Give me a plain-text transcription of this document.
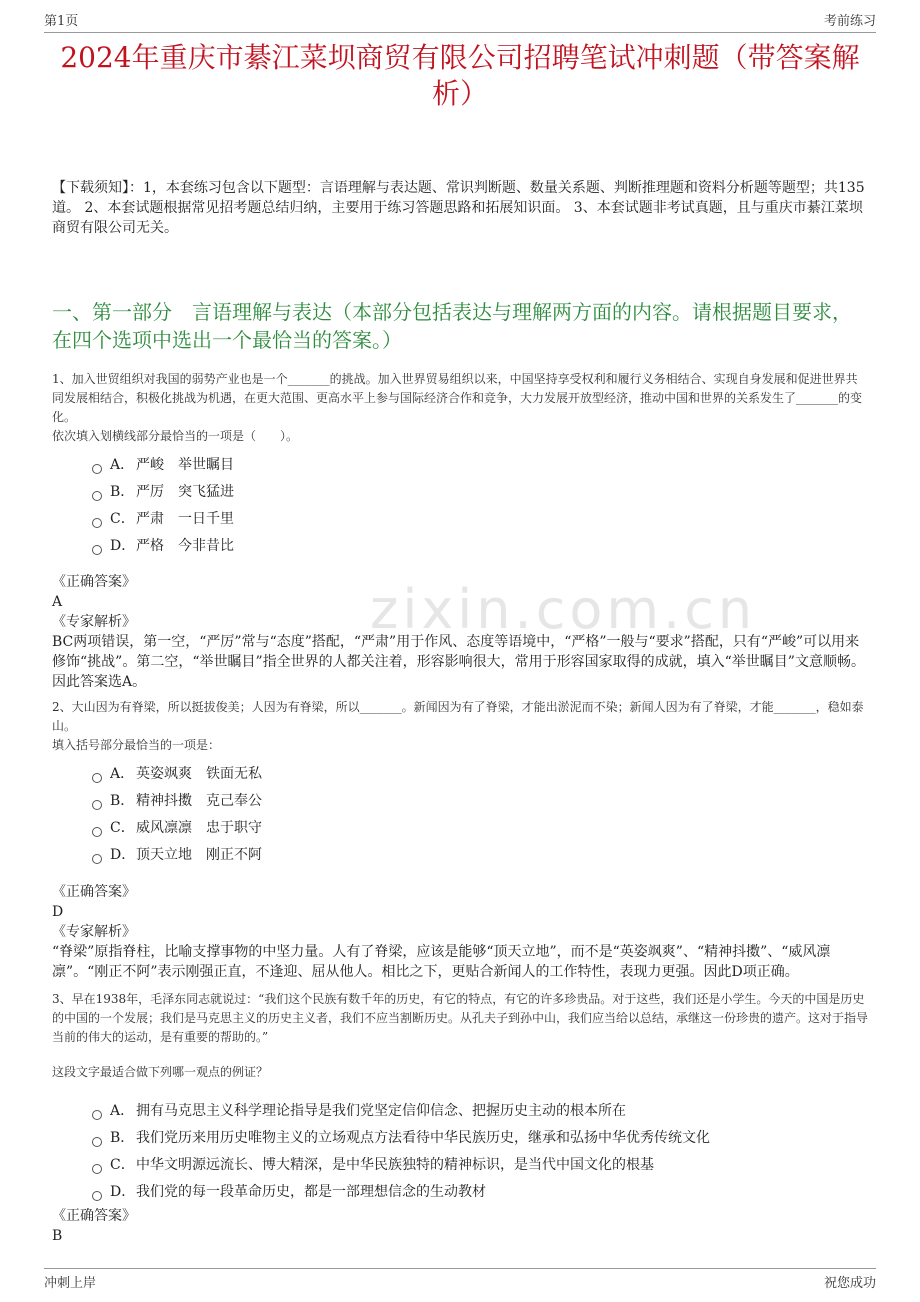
第1页	考前练习
2024年重庆市綦江菜坝商贸有限公司招聘笔试冲刺题（带答案解析）
【下载须知】：1，本套练习包含以下题型：言语理解与表达题、常识判断题、数量关系题、判断推理题和资料分析题等题型；共135道。 2、本套试题根据常见招考题总结归纳，主要用于练习答题思路和拓展知识面。 3、本套试题非考试真题，且与重庆市綦江菜坝商贸有限公司无关。
一、第一部分　言语理解与表达（本部分包括表达与理解两方面的内容。请根据题目要求，在四个选项中选出一个最恰当的答案。）
zixin.com.cn

1、加入世贸组织对我国的弱势产业也是一个_______的挑战。加入世界贸易组织以来，中国坚持享受权利和履行义务相结合、实现自身发展和促进世界共同发展相结合，积极化挑战为机遇，在更大范围、更高水平上参与国际经济合作和竞争，大力发展开放型经济，推动中国和世界的关系发生了_______的变化。

依次填入划横线部分最恰当的一项是（　　）。

A． 严峻　举世瞩目
B． 严厉　突飞猛进
C． 严肃　一日千里
D． 严格　今非昔比

《正确答案》

A

《专家解析》

BC两项错误，第一空，“严厉”常与“态度”搭配，“严肃”用于作风、态度等语境中，“严格”一般与“要求”搭配，只有“严峻”可以用来修饰“挑战”。第二空，“举世瞩目”指全世界的人都关注着，形容影响很大，常用于形容国家取得的成就，填入“举世瞩目”文意顺畅。因此答案选A。

2、大山因为有脊梁，所以挺拔俊美；人因为有脊梁，所以_______。新闻因为有了脊梁，才能出淤泥而不染；新闻人因为有了脊梁，才能_______，稳如泰山。

填入括号部分最恰当的一项是：

A． 英姿飒爽　铁面无私
B． 精神抖擞　克己奉公
C． 威风凛凛　忠于职守
D． 顶天立地　刚正不阿

《正确答案》

D

《专家解析》

“脊梁”原指脊柱，比喻支撑事物的中坚力量。人有了脊梁，应该是能够“顶天立地”，而不是“英姿飒爽”、“精神抖擞”、“威风凛凛”。“刚正不阿”表示刚强正直，不逢迎、屈从他人。相比之下，更贴合新闻人的工作特性，表现力更强。因此D项正确。

3、早在1938年，毛泽东同志就说过：“我们这个民族有数千年的历史，有它的特点，有它的许多珍贵品。对于这些，我们还是小学生。今天的中国是历史的中国的一个发展；我们是马克思主义的历史主义者，我们不应当割断历史。从孔夫子到孙中山，我们应当给以总结，承继这一份珍贵的遗产。这对于指导当前的伟大的运动，是有重要的帮助的。”

这段文字最适合做下列哪一观点的例证？

A． 拥有马克思主义科学理论指导是我们党坚定信仰信念、把握历史主动的根本所在
B． 我们党历来用历史唯物主义的立场观点方法看待中华民族历史，继承和弘扬中华优秀传统文化
C． 中华文明源远流长、博大精深，是中华民族独特的精神标识，是当代中国文化的根基
D． 我们党的每一段革命历史，都是一部理想信念的生动教材

《正确答案》

B

冲刺上岸	祝您成功
